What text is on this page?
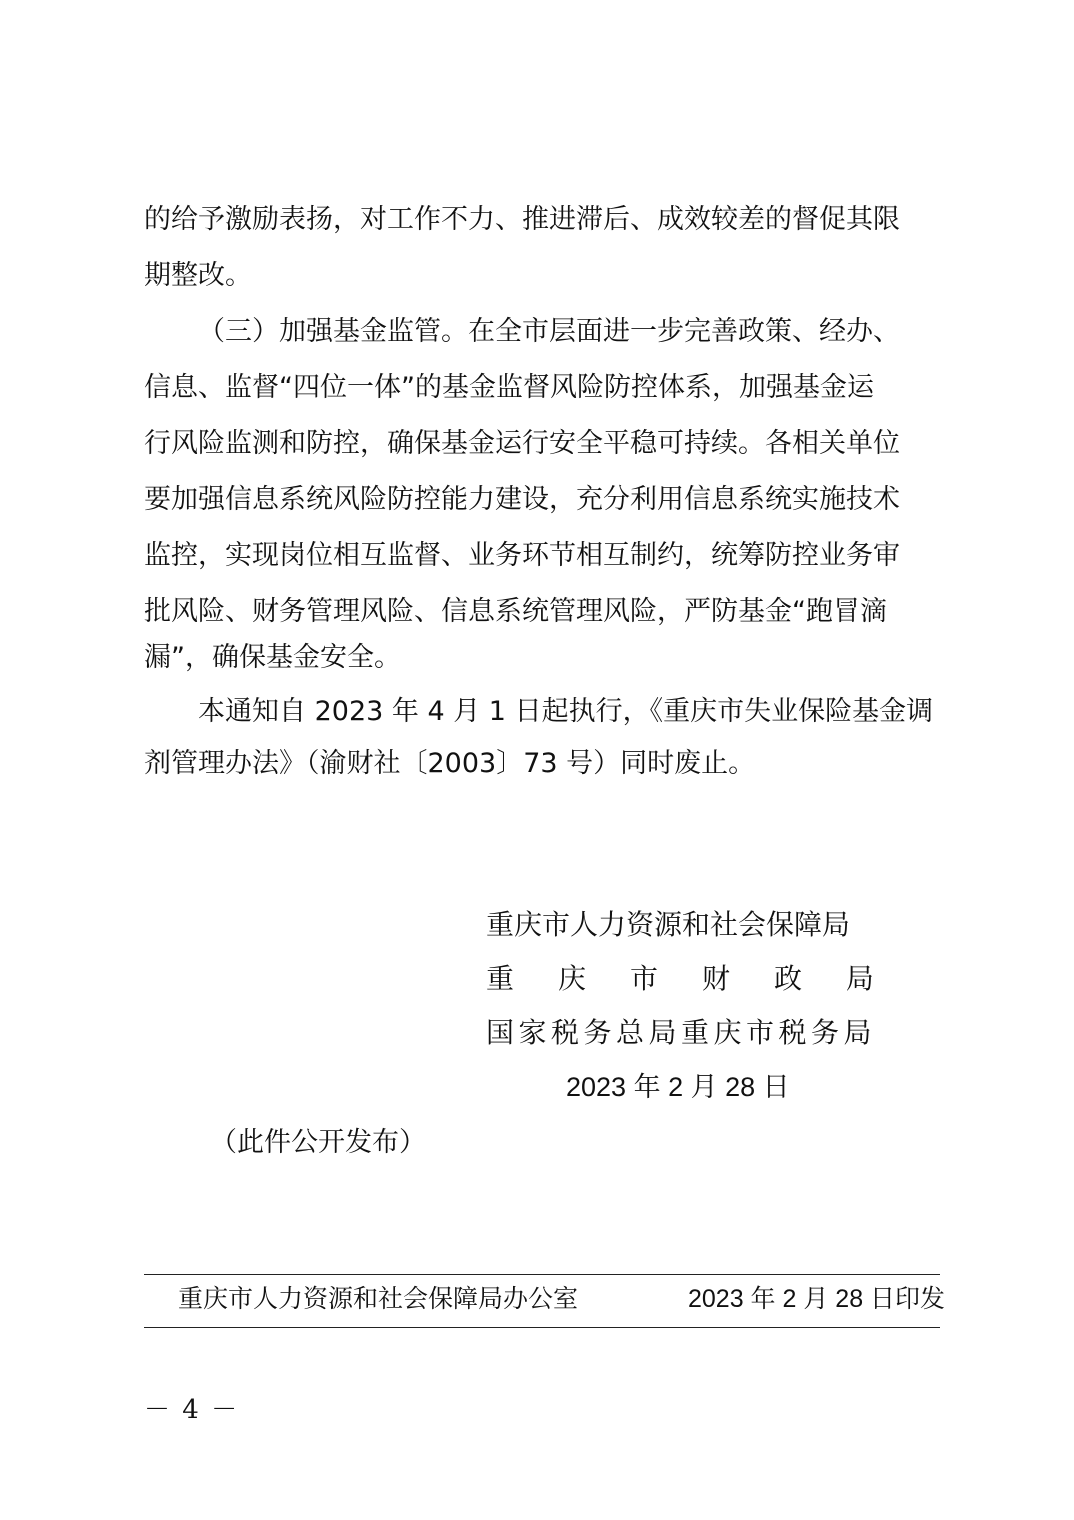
的给予激励表扬，对工作不力、推进滞后、成效较差的督促其限
期整改。
（三）加强基金监管。在全市层面进一步完善政策、经办、
信息、监督“四位一体”的基金监督风险防控体系，加强基金运
行风险监测和防控，确保基金运行安全平稳可持续。各相关单位
要加强信息系统风险防控能力建设，充分利用信息系统实施技术
监控，实现岗位相互监督、业务环节相互制约，统筹防控业务审
批风险、财务管理风险、信息系统管理风险，严防基金“跑冒滴
漏”，确保基金安全。
本通知自 2023 年 4 月 1 日起执行，《重庆市失业保险基金调
剂管理办法》（渝财社〔2003〕73 号）同时废止。
重庆市人力资源和社会保障局
重 庆 市 财 政 局
国家税务总局重庆市税务局
2023 年 2 月 28 日
（此件公开发布）
重庆市人力资源和社会保障局办公室	2023 年 2 月 28 日印发
－ 4 －
